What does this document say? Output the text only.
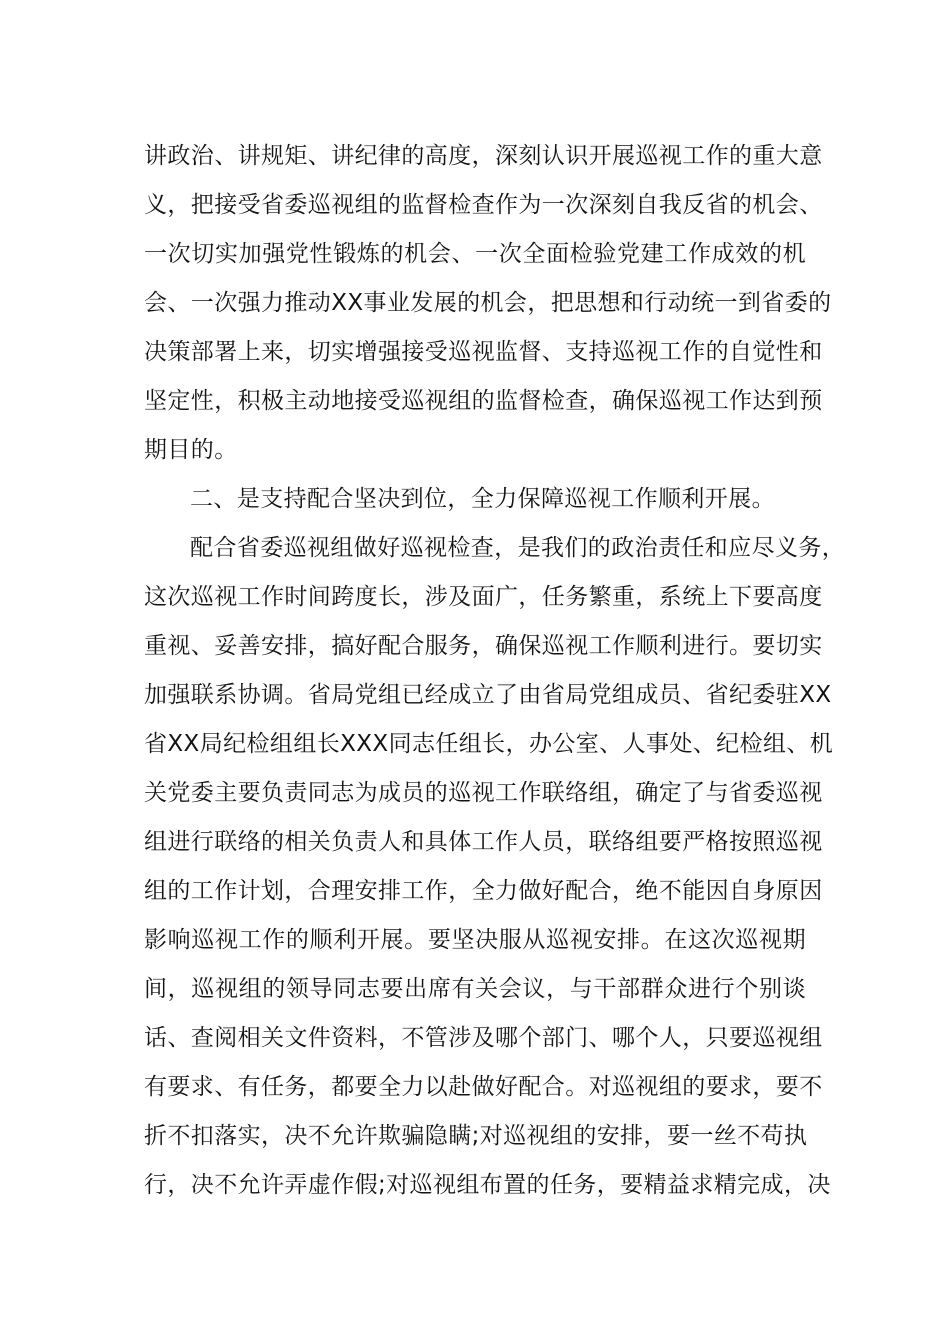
讲政治、讲规矩、讲纪律的高度，深刻认识开展巡视工作的重大意
义，把接受省委巡视组的监督检查作为一次深刻自我反省的机会、
一次切实加强党性锻炼的机会、一次全面检验党建工作成效的机
会、一次强力推动XX事业发展的机会，把思想和行动统一到省委的
决策部署上来，切实增强接受巡视监督、支持巡视工作的自觉性和
坚定性，积极主动地接受巡视组的监督检查，确保巡视工作达到预
期目的。
二、是支持配合坚决到位，全力保障巡视工作顺利开展。
配合省委巡视组做好巡视检查，是我们的政治责任和应尽义务，
这次巡视工作时间跨度长，涉及面广，任务繁重，系统上下要高度
重视、妥善安排，搞好配合服务，确保巡视工作顺利进行。要切实
加强联系协调。省局党组已经成立了由省局党组成员、省纪委驻XX
省XX局纪检组组长XXX同志任组长，办公室、人事处、纪检组、机
关党委主要负责同志为成员的巡视工作联络组，确定了与省委巡视
组进行联络的相关负责人和具体工作人员，联络组要严格按照巡视
组的工作计划，合理安排工作，全力做好配合，绝不能因自身原因
影响巡视工作的顺利开展。要坚决服从巡视安排。在这次巡视期
间，巡视组的领导同志要出席有关会议，与干部群众进行个别谈
话、查阅相关文件资料，不管涉及哪个部门、哪个人，只要巡视组
有要求、有任务，都要全力以赴做好配合。对巡视组的要求，要不
折不扣落实，决不允许欺骗隐瞒;对巡视组的安排，要一丝不苟执
行，决不允许弄虚作假;对巡视组布置的任务，要精益求精完成，决
